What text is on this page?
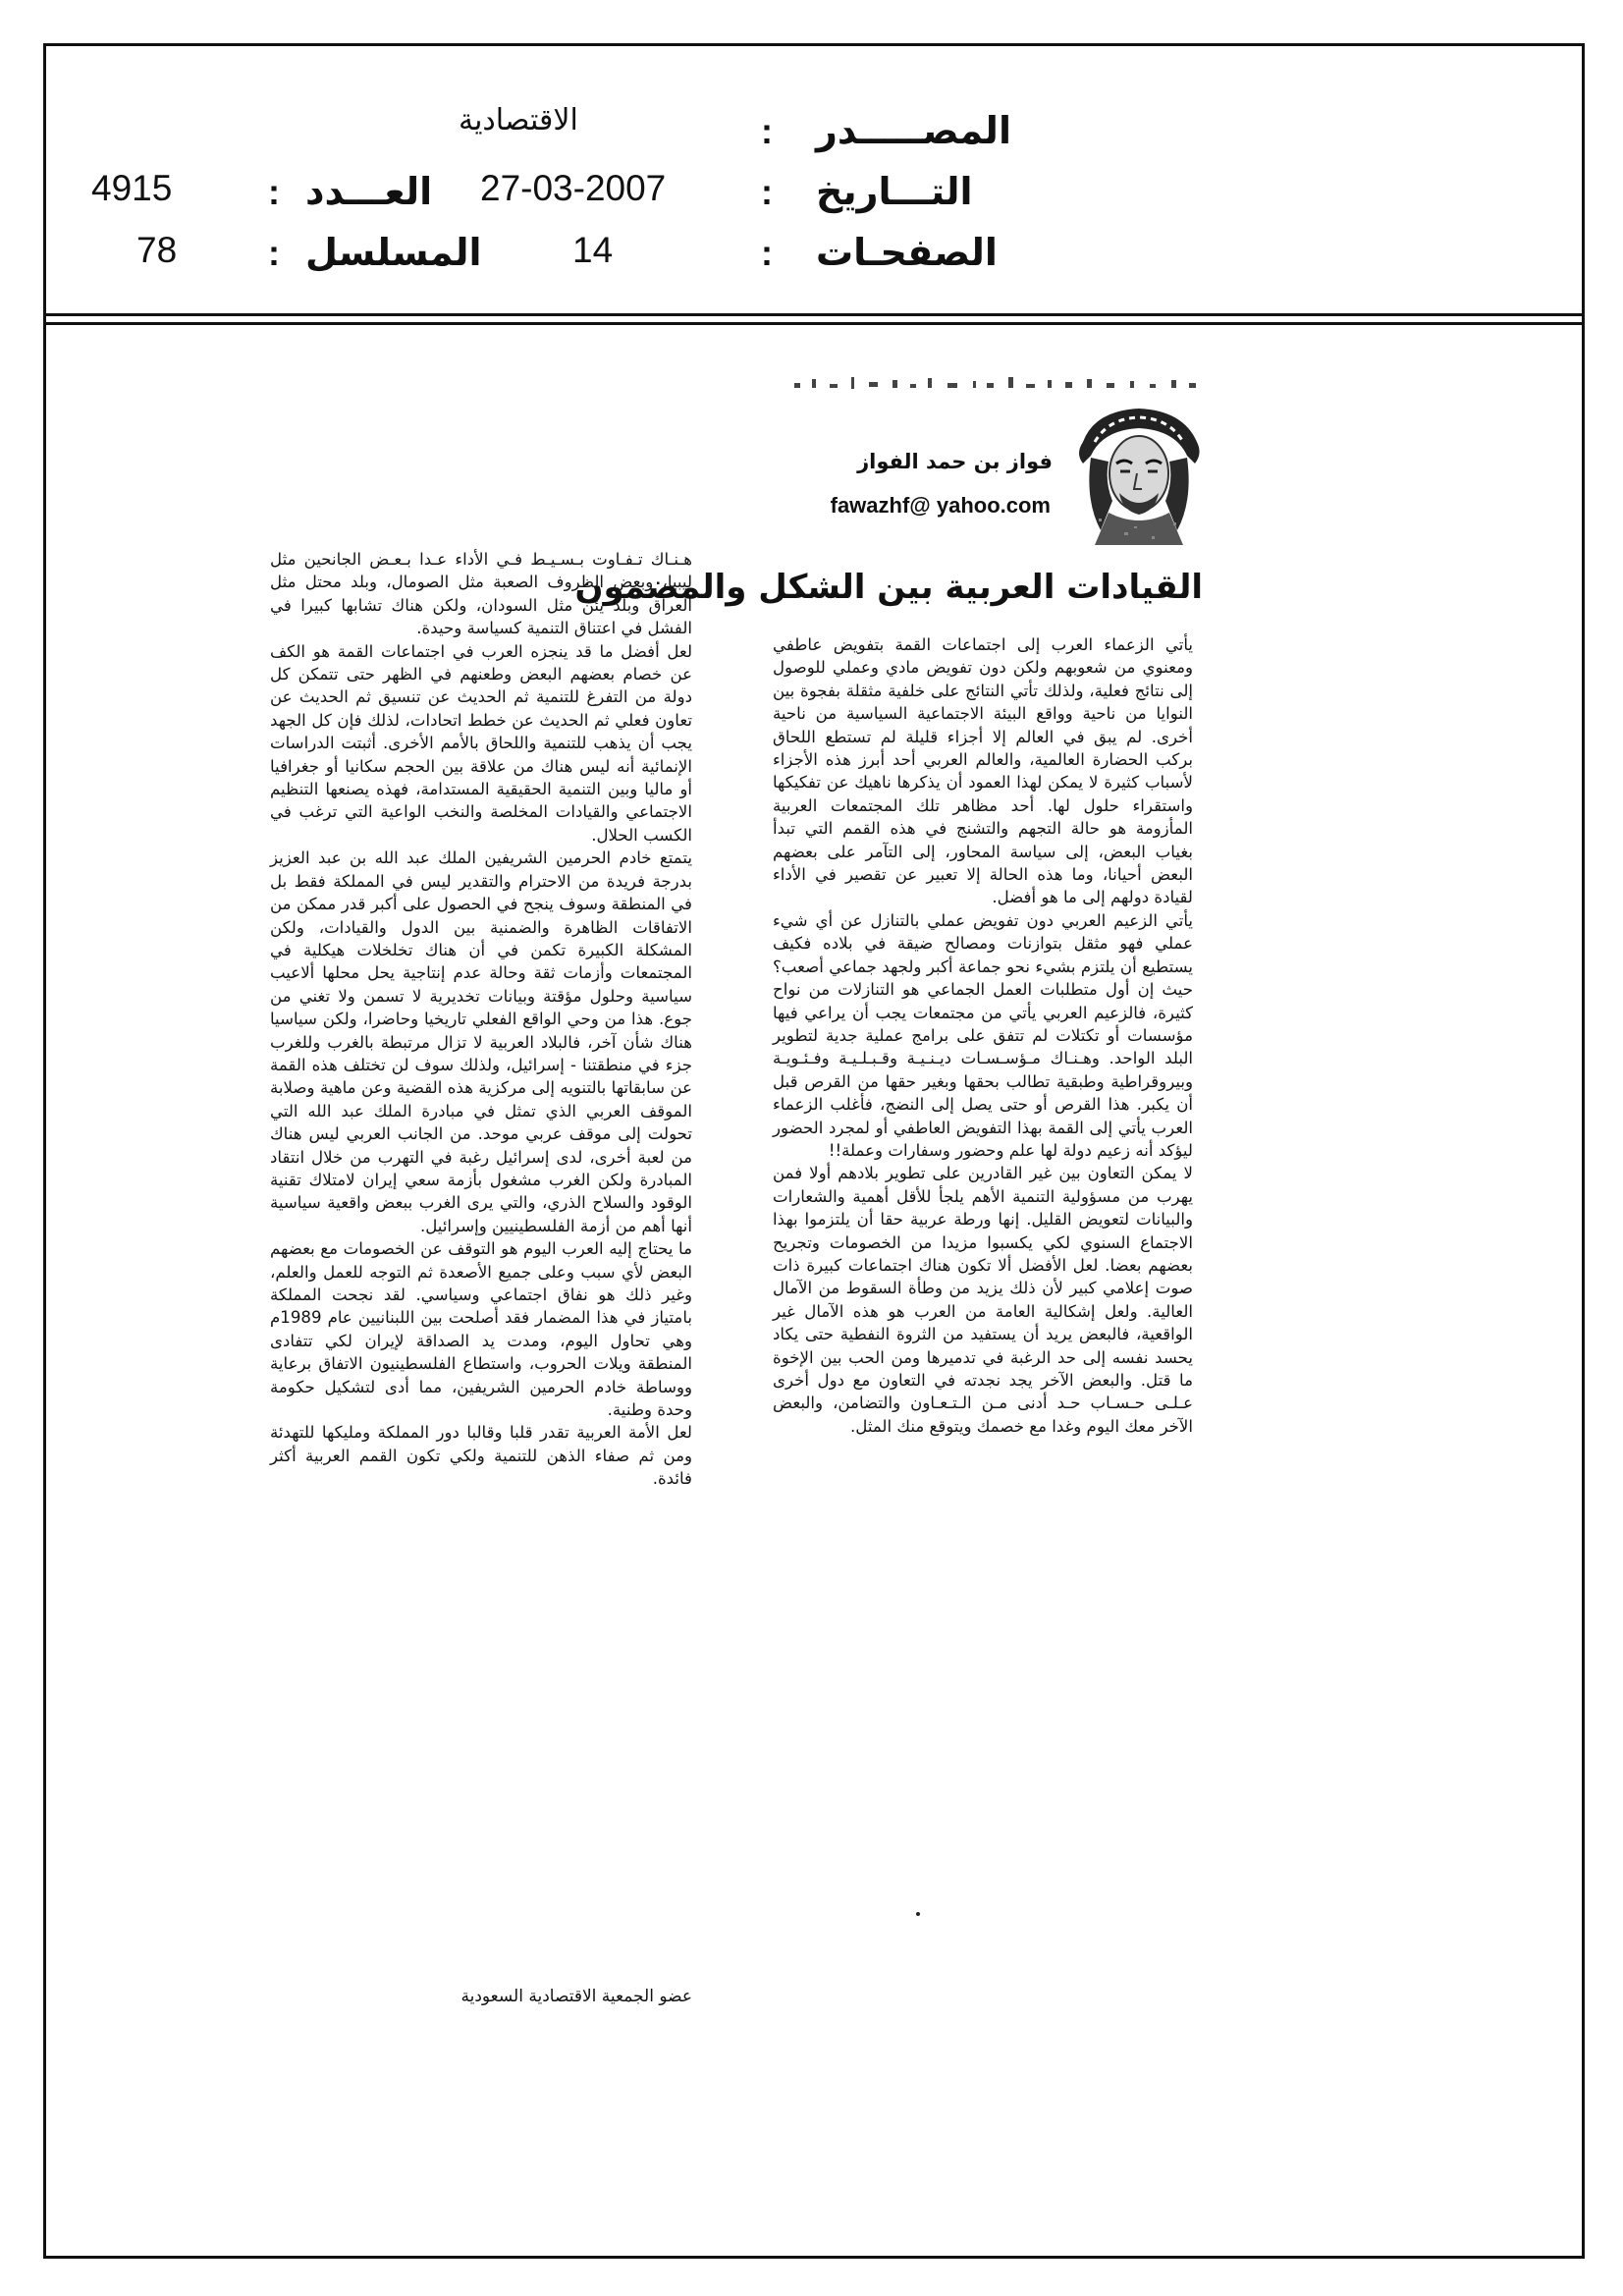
المصـــــدر
:
الاقتصادية
التـــاريخ
:
27-03-2007
الصفحـات
:
14
العـــدد
:
4915
المسلسل
:
78
فواز بن حمد الفواز
fawazhf@ yahoo.com
القيادات العربية بين الشكل والمضمون

يأتي الزعماء العرب إلى اجتماعات القمة بتفويض عاطفي ومعنوي من شعوبهم ولكن دون تفويض مادي وعملي للوصول إلى نتائج فعلية، ولذلك تأتي النتائج على خلفية مثقلة بفجوة بين النوايا من ناحية وواقع البيئة الاجتماعية السياسية من ناحية أخرى. لم يبق في العالم إلا أجزاء قليلة لم تستطع اللحاق بركب الحضارة العالمية، والعالم العربي أحد أبرز هذه الأجزاء لأسباب كثيرة لا يمكن لهذا العمود أن يذكرها ناهيك عن تفكيكها واستقراء حلول لها. أحد مظاهر تلك المجتمعات العربية المأزومة هو حالة التجهم والتشنج في هذه القمم التي تبدأ بغياب البعض، إلى سياسة المحاور، إلى التآمر على بعضهم البعض أحيانا، وما هذه الحالة إلا تعبير عن تقصير في الأداء لقيادة دولهم إلى ما هو أفضل.

يأتي الزعيم العربي دون تفويض عملي بالتنازل عن أي شيء عملي فهو مثقل بتوازنات ومصالح ضيقة في بلاده فكيف يستطيع أن يلتزم بشيء نحو جماعة أكبر ولجهد جماعي أصعب؟ حيث إن أول متطلبات العمل الجماعي هو التنازلات من نواح كثيرة، فالزعيم العربي يأتي من مجتمعات يجب أن يراعي فيها مؤسسات أو تكتلات لم تتفق على برامج عملية جدية لتطوير البلد الواحد. وهـنـاك مـؤسـسـات ديـنـيـة وقـبـلـيـة وفـئـويـة وبيروقراطية وطبقية تطالب بحقها وبغير حقها من القرص قبل أن يكبر. هذا القرص أو حتى يصل إلى النضج، فأغلب الزعماء العرب يأتي إلى القمة بهذا التفويض العاطفي أو لمجرد الحضور ليؤكد أنه زعيم دولة لها علم وحضور وسفارات وعملة!!

لا يمكن التعاون بين غير القادرين على تطوير بلادهم أولا فمن يهرب من مسؤولية التنمية الأهم يلجأ للأقل أهمية والشعارات والبيانات لتعويض القليل. إنها ورطة عربية حقا أن يلتزموا بهذا الاجتماع السنوي لكي يكسبوا مزيدا من الخصومات وتجريح بعضهم بعضا. لعل الأفضل ألا تكون هناك اجتماعات كبيرة ذات صوت إعلامي كبير لأن ذلك يزيد من وطأة السقوط من الآمال العالية. ولعل إشكالية العامة من العرب هو هذه الآمال غير الواقعية، فالبعض يريد أن يستفيد من الثروة النفطية حتى يكاد يحسد نفسه إلى حد الرغبة في تدميرها ومن الحب بين الإخوة ما قتل. والبعض الآخر يجد نجدته في التعاون مع دول أخرى عـلـى حـسـاب حـد أدنى مـن الـتـعـاون والتضامن، والبعض الآخر معك اليوم وغدا مع خصمك ويتوقع منك المثل.

هـنـاك تـفـاوت بـسـيـط فـي الأداء عـدا بـعـض الجانحين مثل ليبيا، وبعض الظروف الصعبة مثل الصومال، وبلد محتل مثل العراق وبلد يئن مثل السودان، ولكن هناك تشابها كبيرا في الفشل في اعتناق التنمية كسياسة وحيدة.

لعل أفضل ما قد ينجزه العرب في اجتماعات القمة هو الكف عن خصام بعضهم البعض وطعنهم في الظهر حتى تتمكن كل دولة من التفرغ للتنمية ثم الحديث عن تنسيق ثم الحديث عن تعاون فعلي ثم الحديث عن خطط اتحادات، لذلك فإن كل الجهد يجب أن يذهب للتنمية واللحاق بالأمم الأخرى. أثبتت الدراسات الإنمائية أنه ليس هناك من علاقة بين الحجم سكانيا أو جغرافيا أو ماليا وبين التنمية الحقيقية المستدامة، فهذه يصنعها التنظيم الاجتماعي والقيادات المخلصة والنخب الواعية التي ترغب في الكسب الحلال.

يتمتع خادم الحرمين الشريفين الملك عبد الله بن عبد العزيز بدرجة فريدة من الاحترام والتقدير ليس في المملكة فقط بل في المنطقة وسوف ينجح في الحصول على أكبر قدر ممكن من الاتفاقات الظاهرة والضمنية بين الدول والقيادات، ولكن المشكلة الكبيرة تكمن في أن هناك تخلخلات هيكلية في المجتمعات وأزمات ثقة وحالة عدم إنتاجية يحل محلها ألاعيب سياسية وحلول مؤقتة وبيانات تخديرية لا تسمن ولا تغني من جوع. هذا من وحي الواقع الفعلي تاريخيا وحاضرا، ولكن سياسيا هناك شأن آخر، فالبلاد العربية لا تزال مرتبطة بالغرب وللغرب جزء في منطقتنا - إسرائيل، ولذلك سوف لن تختلف هذه القمة عن سابقاتها بالتنويه إلى مركزية هذه القضية وعن ماهية وصلابة الموقف العربي الذي تمثل في مبادرة الملك عبد الله التي تحولت إلى موقف عربي موحد. من الجانب العربي ليس هناك من لعبة أخرى، لدى إسرائيل رغبة في التهرب من خلال انتقاد المبادرة ولكن الغرب مشغول بأزمة سعي إيران لامتلاك تقنية الوقود والسلاح الذري، والتي يرى الغرب ببعض واقعية سياسية أنها أهم من أزمة الفلسطينيين وإسرائيل.

ما يحتاج إليه العرب اليوم هو التوقف عن الخصومات مع بعضهم البعض لأي سبب وعلى جميع الأصعدة ثم التوجه للعمل والعلم، وغير ذلك هو نفاق اجتماعي وسياسي. لقد نجحت المملكة بامتياز في هذا المضمار فقد أصلحت بين اللبنانيين عام 1989م وهي تحاول اليوم، ومدت يد الصداقة لإيران لكي تتفادى المنطقة ويلات الحروب، واستطاع الفلسطينيون الاتفاق برعاية ووساطة خادم الحرمين الشريفين، مما أدى لتشكيل حكومة وحدة وطنية.

لعل الأمة العربية تقدر قلبا وقالبا دور المملكة ومليكها للتهدئة ومن ثم صفاء الذهن للتنمية ولكي تكون القمم العربية أكثر فائدة.

عضو الجمعية الاقتصادية السعودية
